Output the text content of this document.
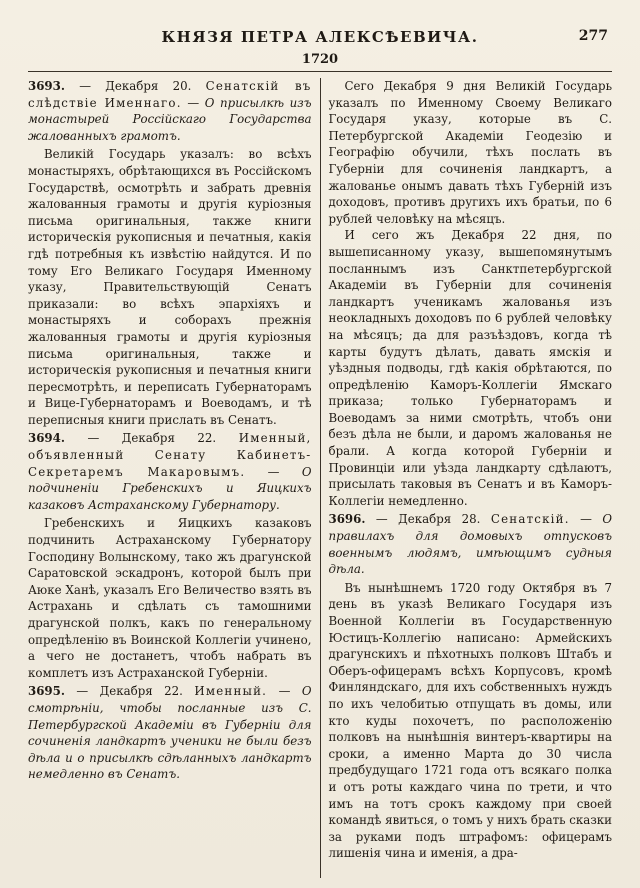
КНЯЗЯ ПЕТРА АЛЕКСѢЕВИЧА.	277
1720

3693. — Декабря 20. Сенатскій въ слѣдствіе Именнаго. — О присылкѣ изъ монастырей Россійскаго Государства жалованныхъ грамотъ.

Великій Государь указалъ: во всѣхъ монастыряхъ, обрѣтающихся въ Россійскомъ Государствѣ, осмотрѣть и забрать древнія жалованныя грамоты и другія куріозныя письма оригинальныя, также книги историческія рукописныя и печатныя, какія гдѣ потребныя къ извѣстію найдутся. И по тому Его Великаго Государя Именному указу, Правительствующій Сенатъ приказали: во всѣхъ эпархіяхъ и монастыряхъ и соборахъ прежнія жалованныя грамоты и другія куріозныя письма оригинальныя, также и историческія рукописныя и печатныя книги пересмотрѣть, и переписать Губернаторамъ и Вице-Губернаторамъ и Воеводамъ, и тѣ переписныя книги прислать въ Сенатъ.

3694. — Декабря 22. Именный, объявленный Сенату Кабинетъ-Секретаремъ Макаровымъ. — О подчиненіи Гребенскихъ и Яицкихъ казаковъ Астраханскому Губернатору.

Гребенскихъ и Яицкихъ казаковъ подчинить Астраханскому Губернатору Господину Волынскому, тако жъ драгунской Саратовской эскадронъ, которой былъ при Аюке Ханѣ, указалъ Его Величество взять въ Астрахань и сдѣлать съ тамошними драгунской полкъ, какъ по генеральному опредѣленію въ Воинской Коллегіи учинено, а чего не достанетъ, чтобъ набрать въ комплетъ изъ Астраханской Губерніи.

3695. — Декабря 22. Именный. — О смотрѣніи, чтобы посланные изъ С. Петербургской Академіи въ Губерніи для сочиненія ландкартъ ученики не были безъ дѣла и о присылкѣ сдѣланныхъ ландкартъ немедленно въ Сенатъ.

Сего Декабря 9 дня Великій Государь указалъ по Именному Своему Великаго Государя указу, которые въ С. Петербургской Академіи Геодезію и Географію обучили, тѣхъ послать въ Губерніи для сочиненія ландкартъ, а жалованье онымъ давать тѣхъ Губерній изъ доходовъ, противъ другихъ ихъ братьи, по 6 рублей человѣку на мѣсяцъ.

И сего жъ Декабря 22 дня, по вышеписанному указу, вышепомянутымъ посланнымъ изъ Санктпетербургской Академіи въ Губерніи для сочиненія ландкартъ ученикамъ жалованья изъ неокладныхъ доходовъ по 6 рублей человѣку на мѣсяцъ; да для разъѣздовъ, когда тѣ карты будутъ дѣлать, давать ямскія и уѣздныя подводы, гдѣ какія обрѣтаются, по опредѣленію Каморъ-Коллегіи Ямскаго приказа; только Губернаторамъ и Воеводамъ за ними смотрѣть, чтобъ они безъ дѣла не были, и даромъ жалованья не брали. А когда которой Губерніи и Провинціи или уѣзда ландкарту сдѣлаютъ, присылать таковыя въ Сенатъ и въ Каморъ-Коллегіи немедленно.

3696. — Декабря 28. Сенатскій. — О правилахъ для домовыхъ отпусковъ военнымъ людямъ, имѣющимъ судныя дѣла.

Въ нынѣшнемъ 1720 году Октября въ 7 день въ указѣ Великаго Государя изъ Военной Коллегіи въ Государственную Юстицъ-Коллегію написано: Армейскихъ драгунскихъ и пѣхотныхъ полковъ Штабъ и Оберъ-офицерамъ всѣхъ Корпусовъ, кромѣ Финляндскаго, для ихъ собственныхъ нуждъ по ихъ челобитью отпущать въ домы, или кто куды похочетъ, по расположенію полковъ на нынѣшнія винтеръ-квартиры на сроки, а именно Марта до 30 числа предбудущаго 1721 года отъ всякаго полка и отъ роты каждаго чина по трети, и что имъ на тотъ срокъ каждому при своей командѣ явиться, о томъ у нихъ брать сказки за руками подъ штрафомъ: офицерамъ лишенія чина и именія, а дра-
